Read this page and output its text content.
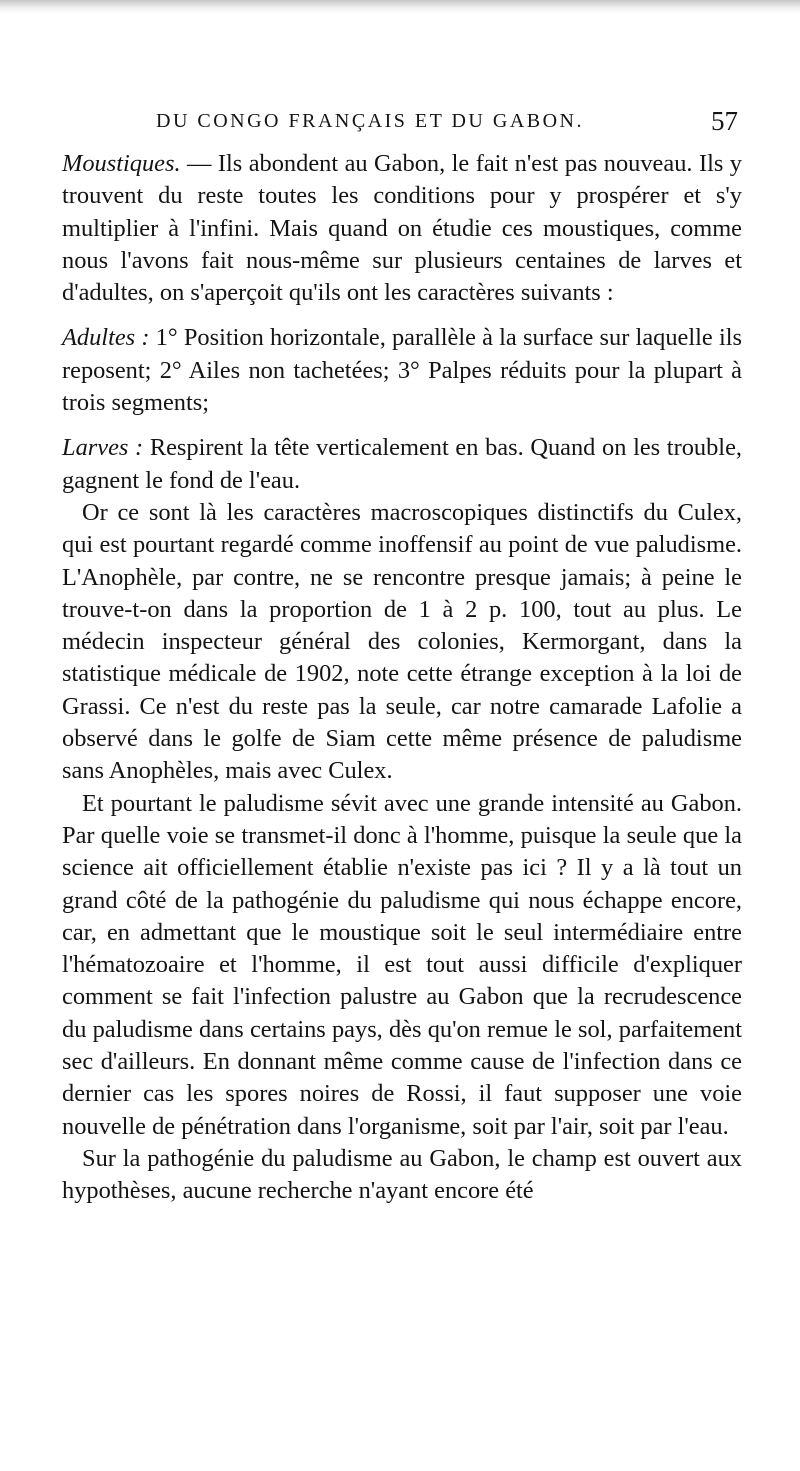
DU CONGO FRANÇAIS ET DU GABON.	57

Moustiques. — Ils abondent au Gabon, le fait n'est pas nouveau. Ils y trouvent du reste toutes les conditions pour y prospérer et s'y multiplier à l'infini. Mais quand on étudie ces moustiques, comme nous l'avons fait nous-même sur plusieurs centaines de larves et d'adultes, on s'aperçoit qu'ils ont les caractères suivants :

Adultes : 1° Position horizontale, parallèle à la surface sur laquelle ils reposent; 2° Ailes non tachetées; 3° Palpes réduits pour la plupart à trois segments;

Larves : Respirent la tête verticalement en bas. Quand on les trouble, gagnent le fond de l'eau.

Or ce sont là les caractères macroscopiques distinctifs du Culex, qui est pourtant regardé comme inoffensif au point de vue paludisme. L'Anophèle, par contre, ne se rencontre presque jamais; à peine le trouve-t-on dans la proportion de 1 à 2 p. 100, tout au plus. Le médecin inspecteur général des colonies, Kermorgant, dans la statistique médicale de 1902, note cette étrange exception à la loi de Grassi. Ce n'est du reste pas la seule, car notre camarade Lafolie a observé dans le golfe de Siam cette même présence de paludisme sans Anophèles, mais avec Culex.

Et pourtant le paludisme sévit avec une grande intensité au Gabon. Par quelle voie se transmet-il donc à l'homme, puisque la seule que la science ait officiellement établie n'existe pas ici ? Il y a là tout un grand côté de la pathogénie du paludisme qui nous échappe encore, car, en admettant que le moustique soit le seul intermédiaire entre l'hématozoaire et l'homme, il est tout aussi difficile d'expliquer comment se fait l'infection palustre au Gabon que la recrudescence du paludisme dans certains pays, dès qu'on remue le sol, parfaitement sec d'ailleurs. En donnant même comme cause de l'infection dans ce dernier cas les spores noires de Rossi, il faut supposer une voie nouvelle de pénétration dans l'organisme, soit par l'air, soit par l'eau.

Sur la pathogénie du paludisme au Gabon, le champ est ouvert aux hypothèses, aucune recherche n'ayant encore été
